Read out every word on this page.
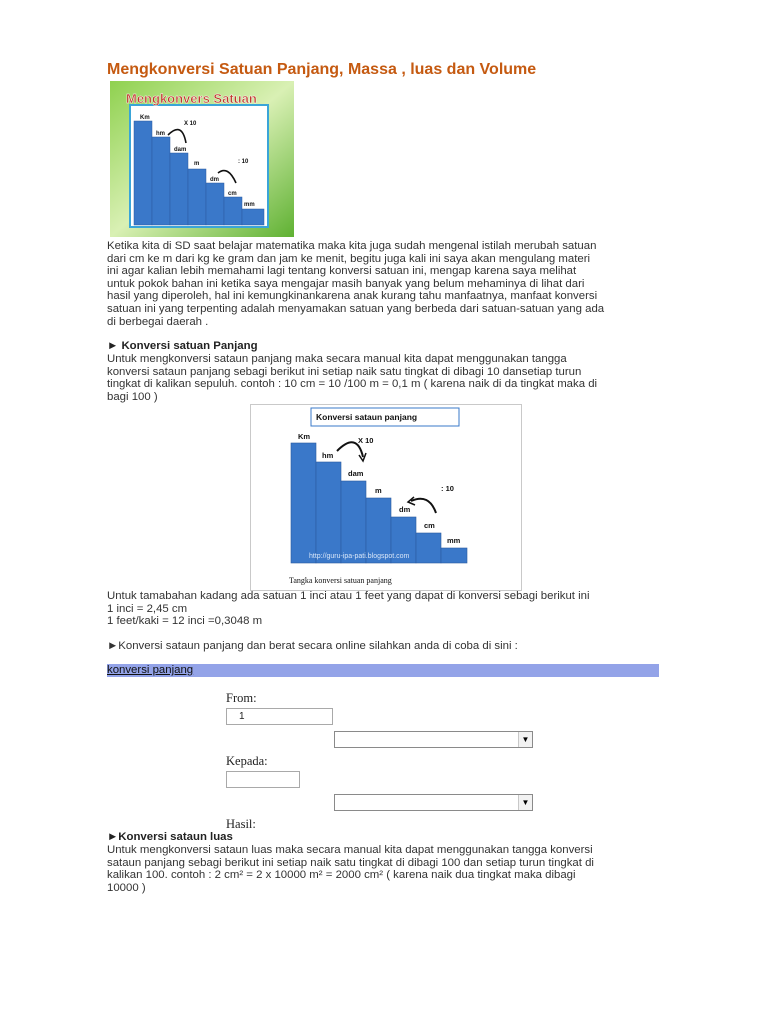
Mengkonversi Satuan Panjang, Massa , luas dan Volume
Km
hm
dam
m
dm
cm
mm
X 10
: 10
Mengkonvers Satuan
Ketika kita di SD saat belajar matematika maka kita juga sudah mengenal istilah merubah satuan
dari cm ke m dari kg ke gram dan jam ke menit, begitu juga kali ini saya akan mengulang materi
ini agar kalian lebih memahami lagi tentang konversi satuan ini, mengap karena saya melihat
untuk pokok bahan ini ketika saya mengajar masih banyak yang belum mehaminya di lihat dari
hasil yang diperoleh, hal ini kemungkinankarena anak kurang tahu manfaatnya, manfaat konversi
satuan ini yang terpenting adalah menyamakan satuan yang berbeda dari satuan-satuan yang ada
di berbegai daerah .
► Konversi satuan Panjang
Untuk mengkonversi sataun panjang maka secara manual kita dapat menggunakan tangga
konversi sataun panjang sebagi berikut ini setiap naik satu tingkat di dibagi 10 dansetiap turun
tingkat di kalikan sepuluh. contoh : 10 cm = 10 /100 m = 0,1 m ( karena naik di da tingkat maka di
bagi 100 )
Konversi sataun panjang
Km
hm
dam
m
dm
cm
mm
X 10
: 10
http://guru-ipa-pati.blogspot.com
Tangka konversi satuan panjang
Untuk tamabahan kadang ada satuan 1 inci atau 1 feet yang dapat di konversi sebagi berikut ini
1 inci = 2,45 cm
1 feet/kaki = 12 inci =0,3048 m
►Konversi sataun panjang dan berat secara online silahkan anda di coba di sini :
konversi panjang
From:
1
▼
Kepada:
▼
Hasil:
►Konversi sataun luas
Untuk mengkonversi sataun luas maka secara manual kita dapat menggunakan tangga konversi
sataun panjang sebagi berikut ini setiap naik satu tingkat di dibagi 100 dan setiap turun tingkat di
kalikan 100. contoh : 2 cm² = 2 x 10000 m² = 2000 cm² ( karena naik dua tingkat maka dibagi
10000 )
